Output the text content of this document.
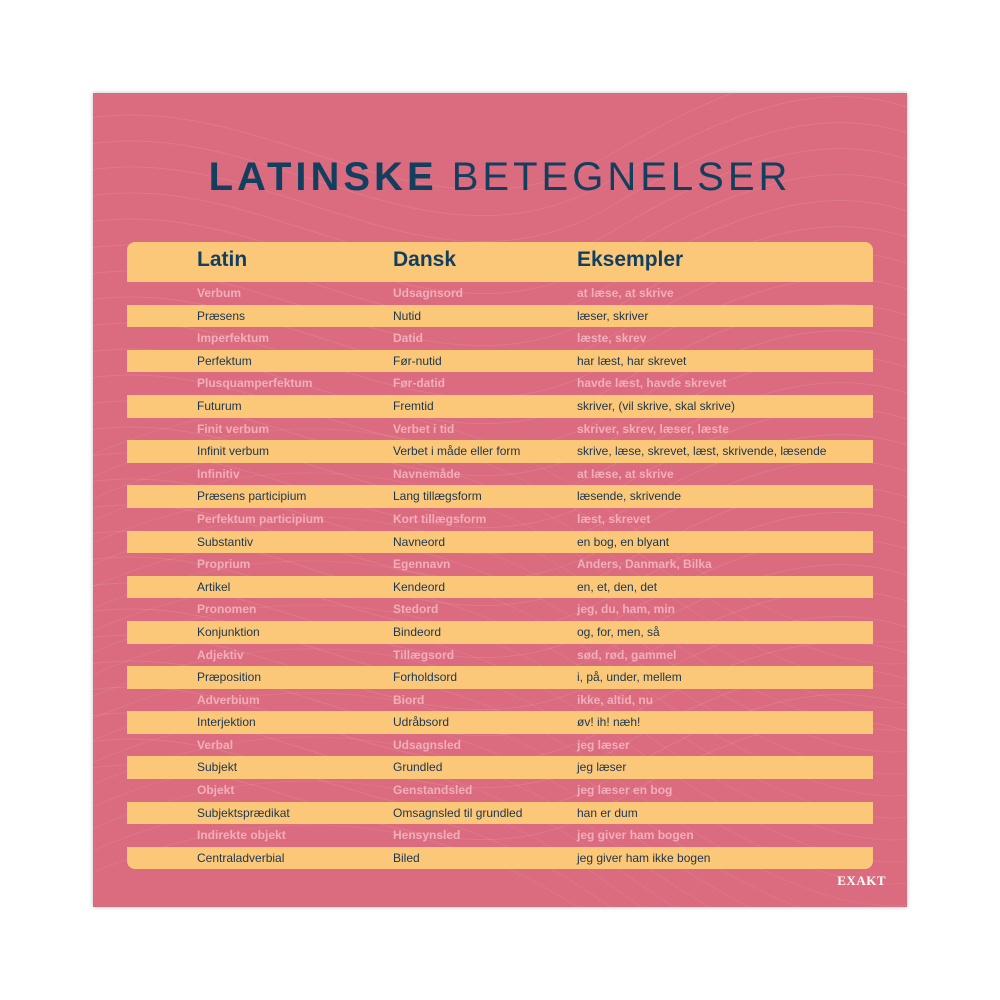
LATINSKE BETEGNELSER
Latin	Dansk	Eksempler
Verbum	Udsagnsord	at læse, at skrive
Præsens	Nutid	læser, skriver
Imperfektum	Datid	læste, skrev
Perfektum	Før-nutid	har læst, har skrevet
Plusquamperfektum	Før-datid	havde læst, havde skrevet
Futurum	Fremtid	skriver, (vil skrive, skal skrive)
Finit verbum	Verbet i tid	skriver, skrev, læser, læste
Infinit verbum	Verbet i måde eller form	skrive, læse, skrevet, læst, skrivende, læsende
Infinitiv	Navnemåde	at læse, at skrive
Præsens participium	Lang tillægsform	læsende, skrivende
Perfektum participium	Kort tillægsform	læst, skrevet
Substantiv	Navneord	en bog, en blyant
Proprium	Egennavn	Anders, Danmark, Bilka
Artikel	Kendeord	en, et, den, det
Pronomen	Stedord	jeg, du, ham, min
Konjunktion	Bindeord	og, for, men, så
Adjektiv	Tillægsord	sød, rød, gammel
Præposition	Forholdsord	i, på, under, mellem
Adverbium	Biord	ikke, altid, nu
Interjektion	Udråbsord	øv! ih! næh!
Verbal	Udsagnsled	jeg læser
Subjekt	Grundled	jeg læser
Objekt	Genstandsled	jeg læser en bog
Subjektsprædikat	Omsagnsled til grundled	han er dum
Indirekte objekt	Hensynsled	jeg giver ham bogen
Centraladverbial	Biled	jeg giver ham ikke bogen
EXAKT
